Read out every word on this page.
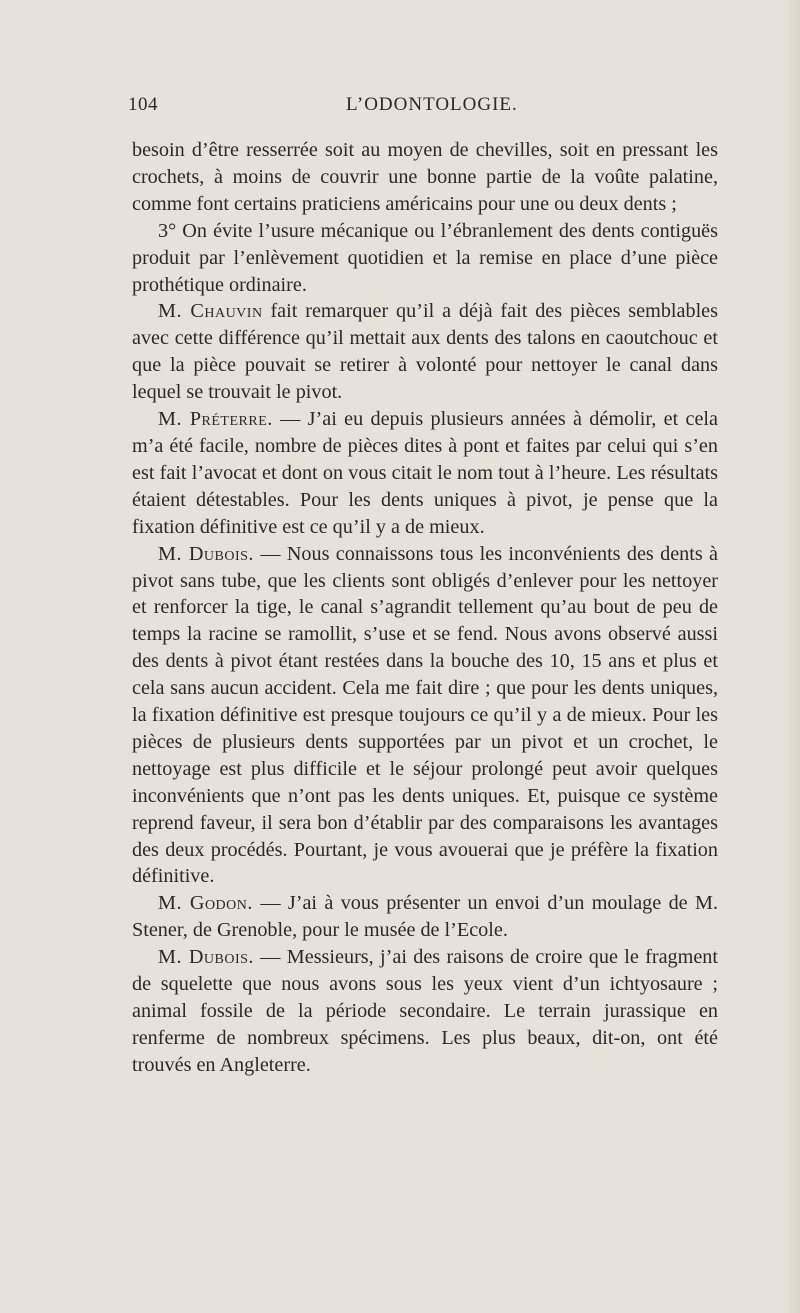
104	L’ODONTOLOGIE.

besoin d’être resserrée soit au moyen de chevilles, soit en pressant les crochets, à moins de couvrir une bonne partie de la voûte palatine, comme font certains praticiens américains pour une ou deux dents ;

3° On évite l’usure mécanique ou l’ébranlement des dents contiguës produit par l’enlèvement quotidien et la remise en place d’une pièce prothétique ordinaire.

M. Chauvin fait remarquer qu’il a déjà fait des pièces semblables avec cette différence qu’il mettait aux dents des talons en caoutchouc et que la pièce pouvait se retirer à volonté pour nettoyer le canal dans lequel se trouvait le pivot.

M. Préterre. — J’ai eu depuis plusieurs années à démolir, et cela m’a été facile, nombre de pièces dites à pont et faites par celui qui s’en est fait l’avocat et dont on vous citait le nom tout à l’heure. Les résultats étaient détestables. Pour les dents uniques à pivot, je pense que la fixation définitive est ce qu’il y a de mieux.

M. Dubois. — Nous connaissons tous les inconvénients des dents à pivot sans tube, que les clients sont obligés d’enlever pour les nettoyer et renforcer la tige, le canal s’agrandit tellement qu’au bout de peu de temps la racine se ramollit, s’use et se fend. Nous avons observé aussi des dents à pivot étant restées dans la bouche des 10, 15 ans et plus et cela sans aucun accident. Cela me fait dire ; que pour les dents uniques, la fixation définitive est presque toujours ce qu’il y a de mieux. Pour les pièces de plusieurs dents supportées par un pivot et un crochet, le nettoyage est plus difficile et le séjour prolongé peut avoir quelques inconvénients que n’ont pas les dents uniques. Et, puisque ce système reprend faveur, il sera bon d’établir par des comparaisons les avantages des deux procédés. Pourtant, je vous avouerai que je préfère la fixation définitive.

M. Godon. — J’ai à vous présenter un envoi d’un moulage de M. Stener, de Grenoble, pour le musée de l’Ecole.

M. Dubois. — Messieurs, j’ai des raisons de croire que le fragment de squelette que nous avons sous les yeux vient d’un ichtyosaure ; animal fossile de la période secondaire. Le terrain jurassique en renferme de nombreux spécimens. Les plus beaux, dit-on, ont été trouvés en Angleterre.
